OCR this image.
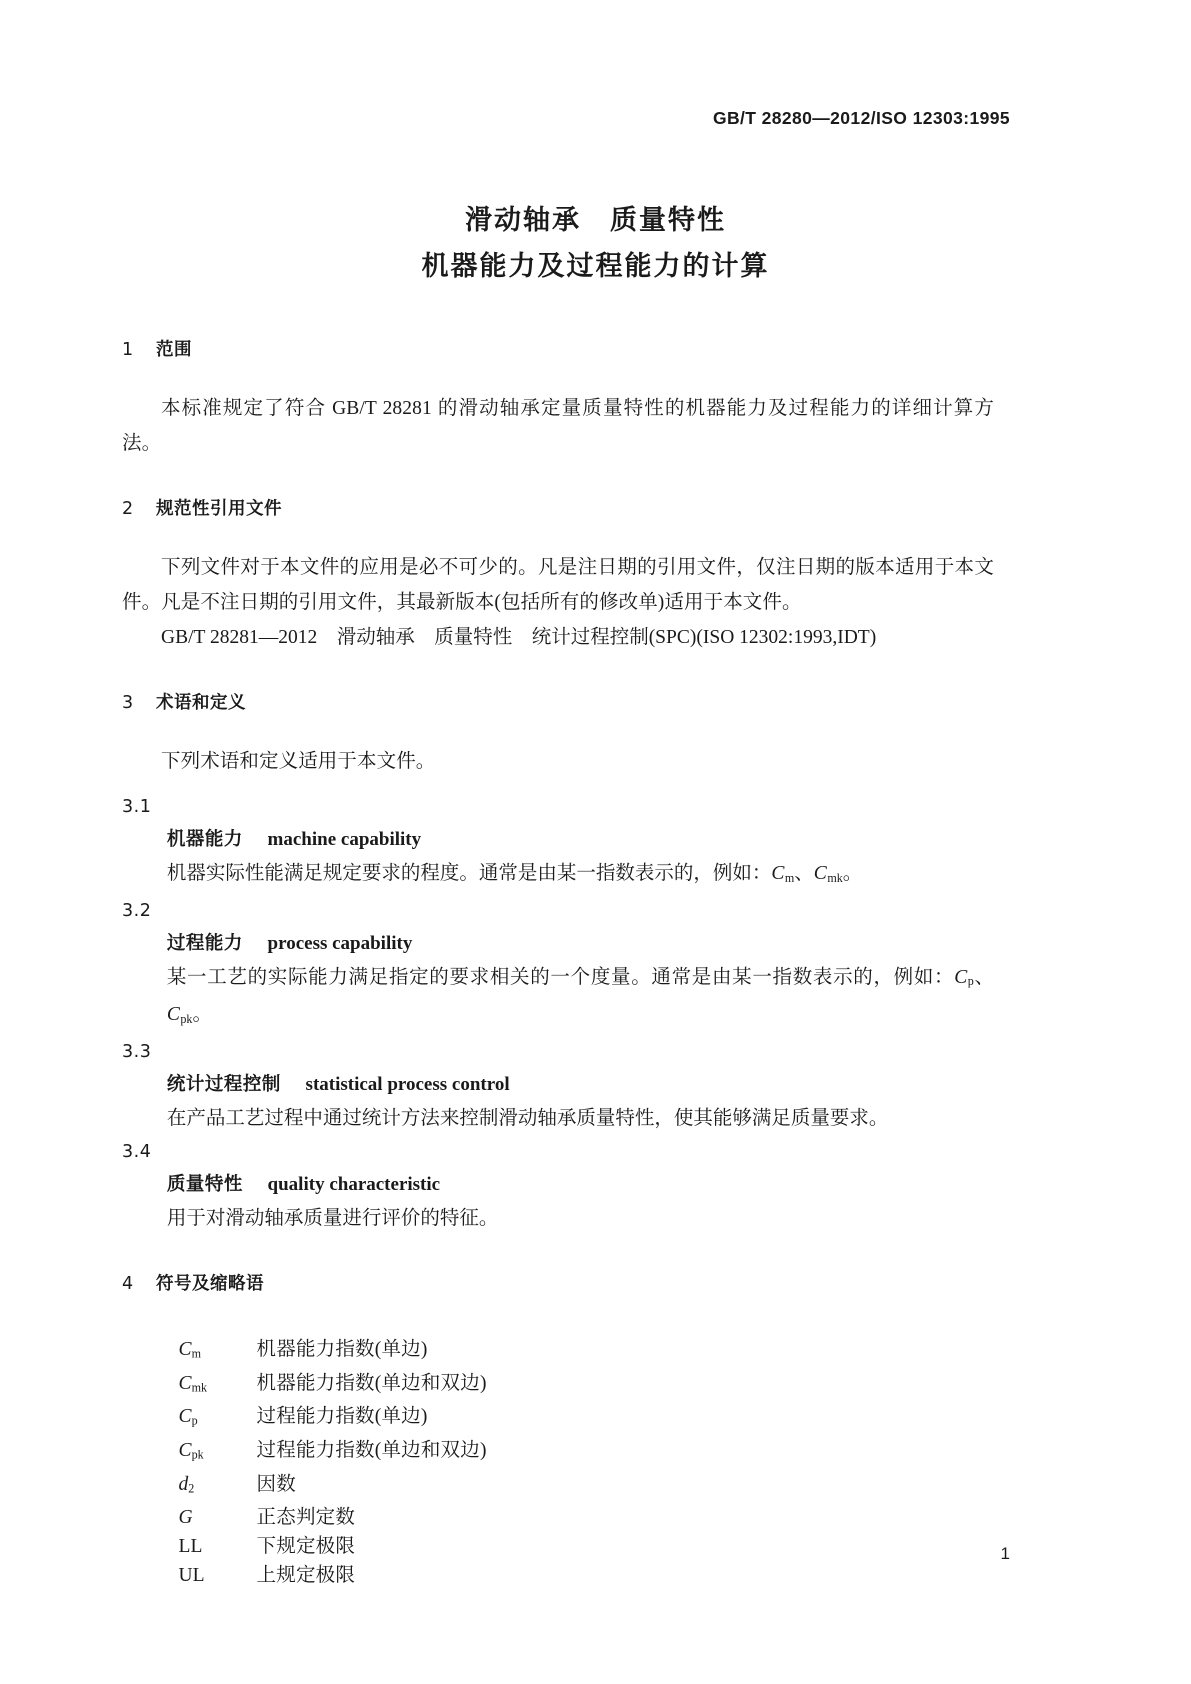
GB/T 28280—2012/ISO 12303:1995
滑动轴承　质量特性
机器能力及过程能力的计算
1 范围

本标准规定了符合 GB/T 28281 的滑动轴承定量质量特性的机器能力及过程能力的详细计算方法。

2 规范性引用文件

下列文件对于本文件的应用是必不可少的。凡是注日期的引用文件，仅注日期的版本适用于本文件。凡是不注日期的引用文件，其最新版本(包括所有的修改单)适用于本文件。

GB/T 28281—2012　滑动轴承　质量特性　统计过程控制(SPC)(ISO 12302:1993,IDT)

3 术语和定义

下列术语和定义适用于本文件。

3.1

机器能力 machine capability

机器实际性能满足规定要求的程度。通常是由某一指数表示的，例如：$C_m$、$C_{mk}$。

3.2

过程能力 process capability

某一工艺的实际能力满足指定的要求相关的一个度量。通常是由某一指数表示的，例如：$C_p$、$C_{pk}$。

3.3

统计过程控制 statistical process control

在产品工艺过程中通过统计方法来控制滑动轴承质量特性，使其能够满足质量要求。

3.4

质量特性 quality characteristic

用于对滑动轴承质量进行评价的特征。

4 符号及缩略语
$C_m$	机器能力指数(单边)
$C_{mk}$	机器能力指数(单边和双边)
$C_p$	过程能力指数(单边)
$C_{pk}$	过程能力指数(单边和双边)
$d_2$	因数
G	正态判定数
LL	下规定极限
UL	上规定极限
1
